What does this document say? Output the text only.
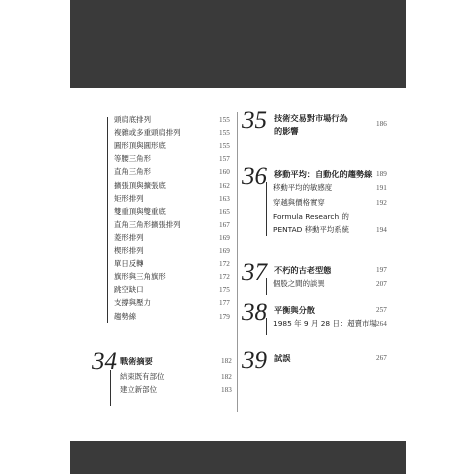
頭肩底排列	155
複雜或多重頭肩排列	155
圓形頂與圓形底	155
等腰三角形	157
直角三角形	160
擴張頂與擴張底	162
矩形排列	163
雙重頂與雙重底	165
直角三角形擴張排列	167
菱形排列	169
楔形排列	169
單日反轉	172
旗形與三角旗形	172
跳空缺口	175
支撐與壓力	177
趨勢線	179
34 戰術摘要	182
結束既有部位	182
建立新部位	183
35 技術交易對市場行為
的影響
186
36 移動平均：自動化的趨勢線 189
移動平均的敏感度	191
穿越與價格實穿	192
Formula Research 的
PENTAD 移動平均系統	194
37 不朽的古老型態	197
個股之間的談異	207
38 平衡與分散	257
1985 年 9 月 28 日：超賣市場 264
39 試誤	267
